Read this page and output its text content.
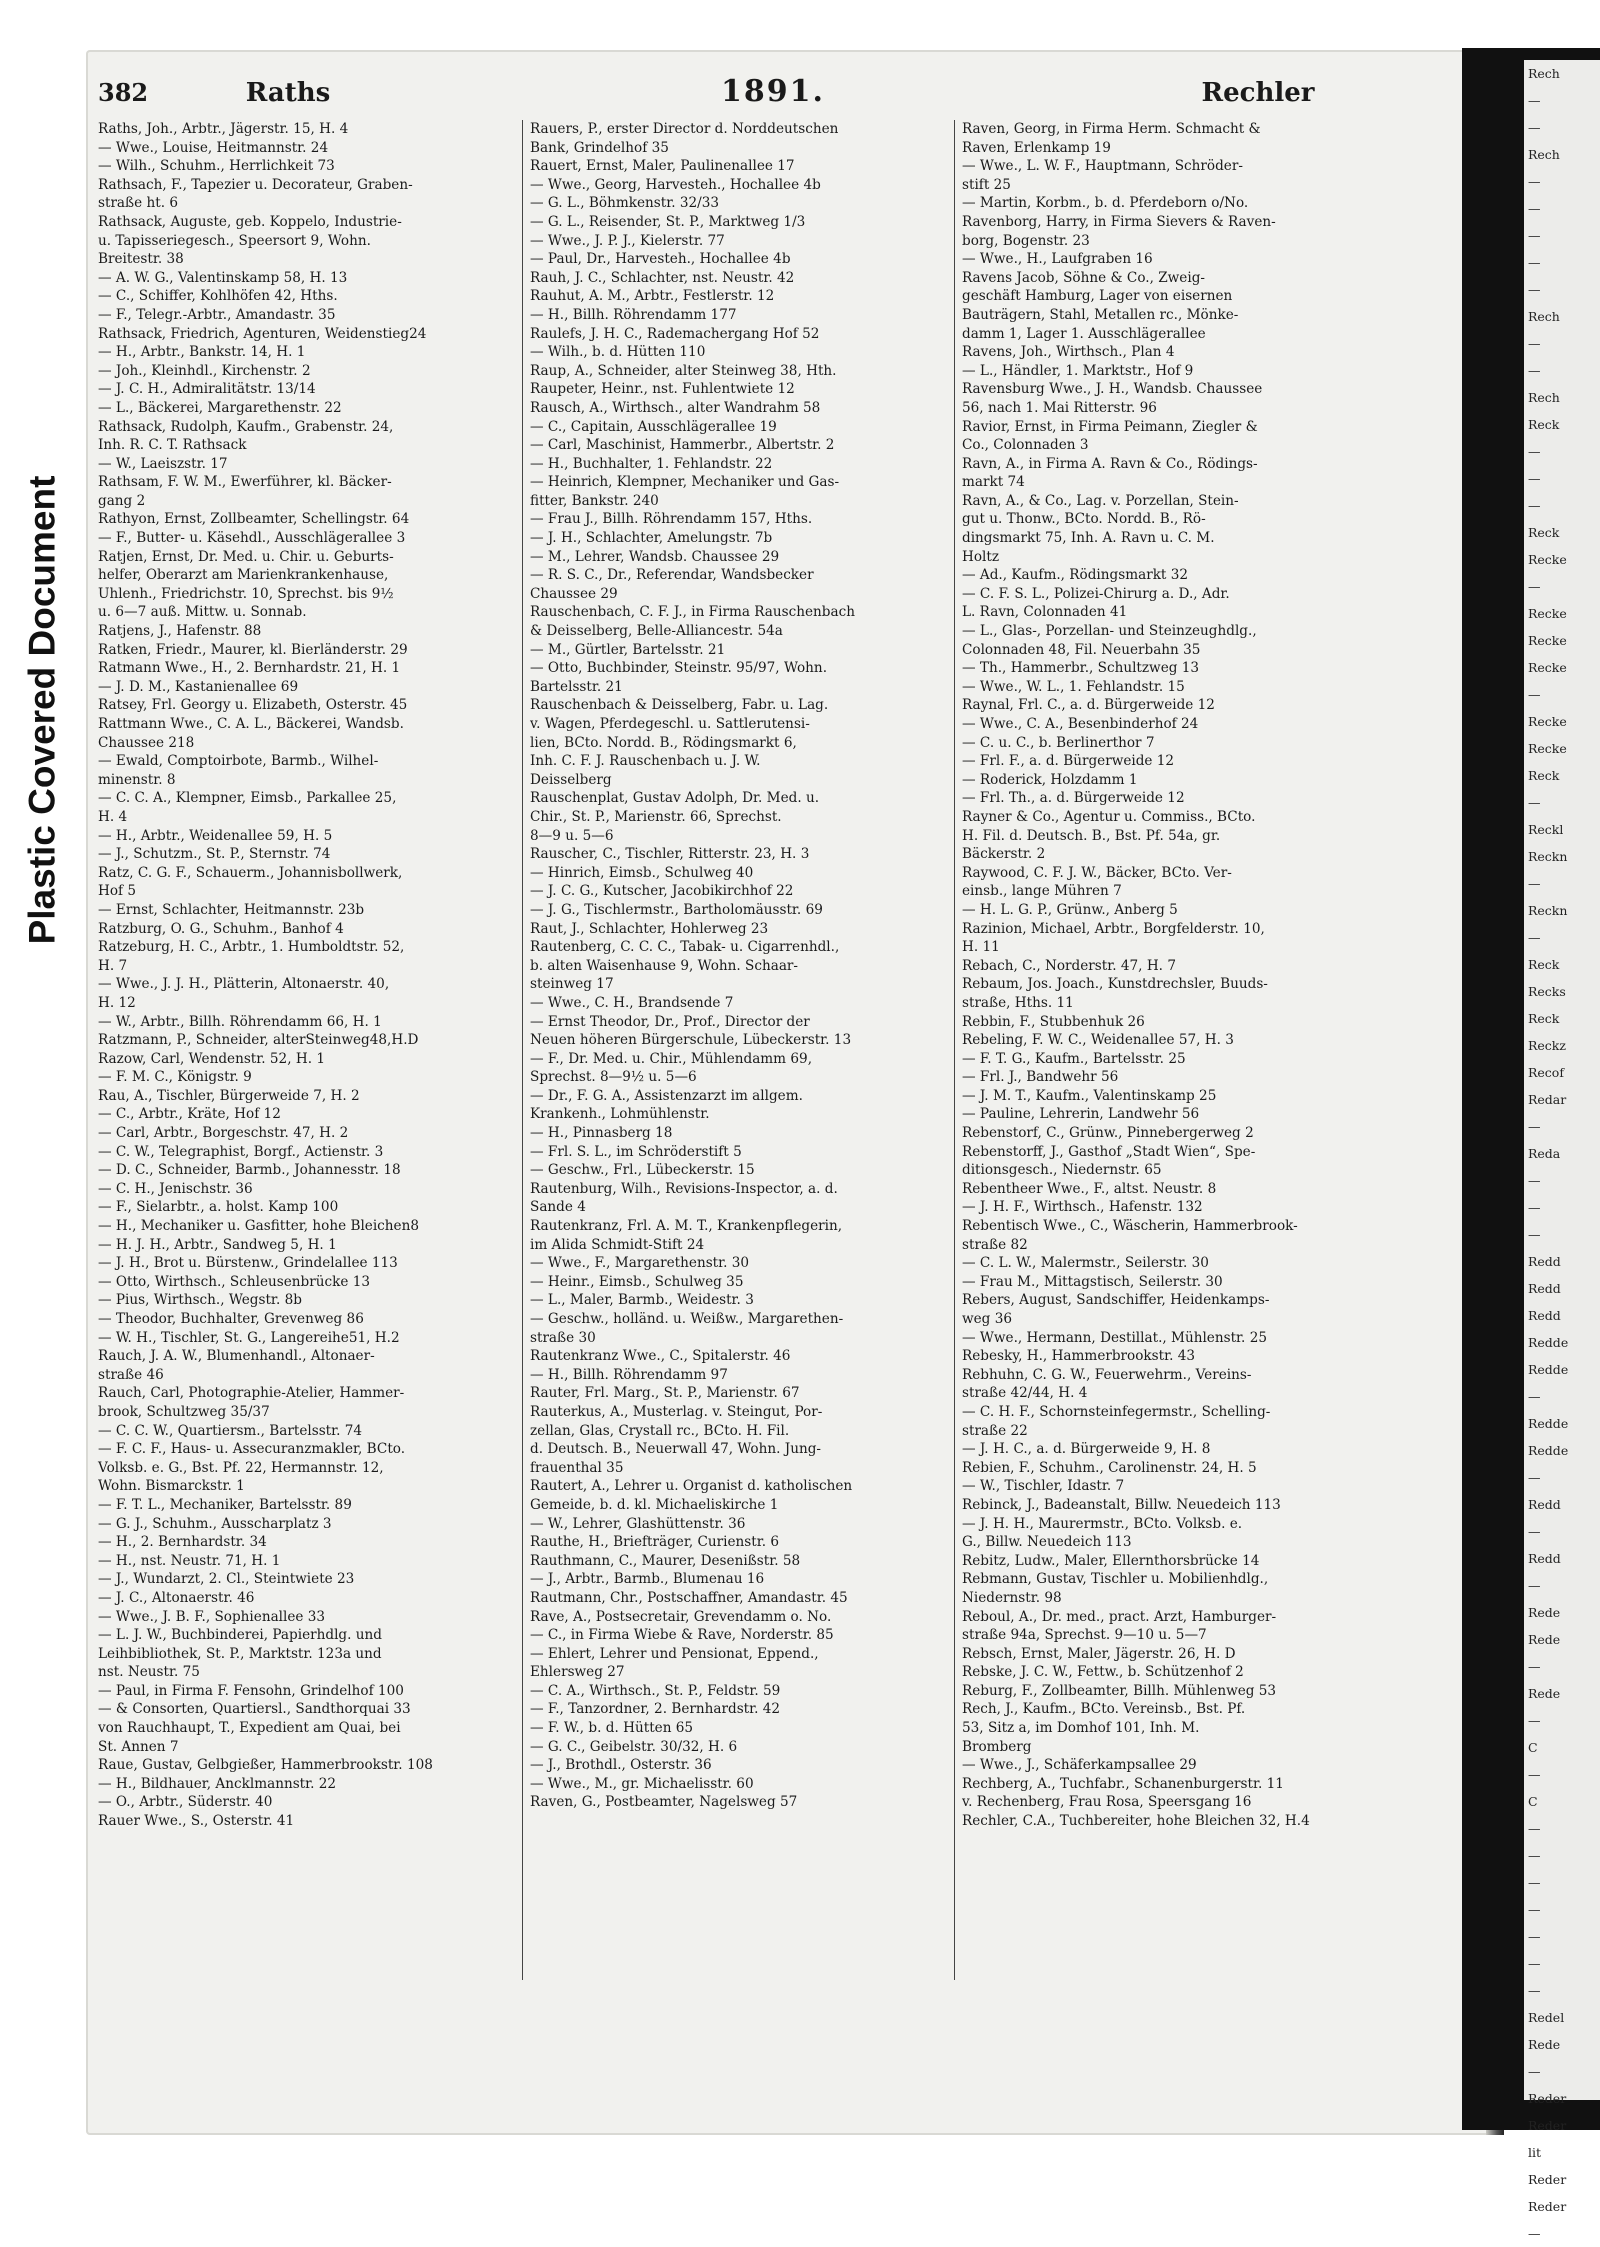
Plastic Covered Document
Rech
—
—
Rech
—
—
—
—
—
Rech
—
—
Rech
Reck
—
—
—
Reck
Recke
—
Recke
Recke
Recke
—
Recke
Recke
Reck
—
Reckl
Reckn
—
Reckn
—
Reck
Recks
Reck
Reckz
Recof
Redar
—
Reda
—
—
—
Redd
Redd
Redd
Redde
Redde
—
Redde
Redde
—
Redd
—
Redd
—
Rede
Rede
—
Rede
—
C
—
C
—
—
—
—
—
—
—
Redel
Rede
—
Reder
Reder
lit
Reder
Reder
—
382	Raths	1891.	Rechler
Raths, Joh., Arbtr., Jägerstr. 15, H. 4
— Wwe., Louise, Heitmannstr. 24
— Wilh., Schuhm., Herrlichkeit 73
Rathsach, F., Tapezier u. Decorateur, Graben-
straße ht. 6
Rathsack, Auguste, geb. Koppelo, Industrie-
u. Tapisseriegesch., Speersort 9, Wohn.
Breitestr. 38
— A. W. G., Valentinskamp 58, H. 13
— C., Schiffer, Kohlhöfen 42, Hths.
— F., Telegr.-Arbtr., Amandastr. 35
Rathsack, Friedrich, Agenturen, Weidenstieg24
— H., Arbtr., Bankstr. 14, H. 1
— Joh., Kleinhdl., Kirchenstr. 2
— J. C. H., Admiralitätstr. 13/14
— L., Bäckerei, Margarethenstr. 22
Rathsack, Rudolph, Kaufm., Grabenstr. 24,
Inh. R. C. T. Rathsack
— W., Laeiszstr. 17
Rathsam, F. W. M., Ewerführer, kl. Bäcker-
gang 2
Rathyon, Ernst, Zollbeamter, Schellingstr. 64
— F., Butter- u. Käsehdl., Ausschlägerallee 3
Ratjen, Ernst, Dr. Med. u. Chir. u. Geburts-
helfer, Oberarzt am Marienkrankenhause,
Uhlenh., Friedrichstr. 10, Sprechst. bis 9½
u. 6—7 auß. Mittw. u. Sonnab.
Ratjens, J., Hafenstr. 88
Ratken, Friedr., Maurer, kl. Bierländerstr. 29
Ratmann Wwe., H., 2. Bernhardstr. 21, H. 1
— J. D. M., Kastanienallee 69
Ratsey, Frl. Georgy u. Elizabeth, Osterstr. 45
Rattmann Wwe., C. A. L., Bäckerei, Wandsb.
Chaussee 218
— Ewald, Comptoirbote, Barmb., Wilhel-
minenstr. 8
— C. C. A., Klempner, Eimsb., Parkallee 25,
H. 4
— H., Arbtr., Weidenallee 59, H. 5
— J., Schutzm., St. P., Sternstr. 74
Ratz, C. G. F., Schauerm., Johannisbollwerk,
Hof 5
— Ernst, Schlachter, Heitmannstr. 23b
Ratzburg, O. G., Schuhm., Banhof 4
Ratzeburg, H. C., Arbtr., 1. Humboldtstr. 52,
H. 7
— Wwe., J. J. H., Plätterin, Altonaerstr. 40,
H. 12
— W., Arbtr., Billh. Röhrendamm 66, H. 1
Ratzmann, P., Schneider, alterSteinweg48,H.D
Razow, Carl, Wendenstr. 52, H. 1
— F. M. C., Königstr. 9
Rau, A., Tischler, Bürgerweide 7, H. 2
— C., Arbtr., Kräte, Hof 12
— Carl, Arbtr., Borgeschstr. 47, H. 2
— C. W., Telegraphist, Borgf., Actienstr. 3
— D. C., Schneider, Barmb., Johannesstr. 18
— C. H., Jenischstr. 36
— F., Sielarbtr., a. holst. Kamp 100
— H., Mechaniker u. Gasfitter, hohe Bleichen8
— H. J. H., Arbtr., Sandweg 5, H. 1
— J. H., Brot u. Bürstenw., Grindelallee 113
— Otto, Wirthsch., Schleusenbrücke 13
— Pius, Wirthsch., Wegstr. 8b
— Theodor, Buchhalter, Grevenweg 86
— W. H., Tischler, St. G., Langereihe51, H.2
Rauch, J. A. W., Blumenhandl., Altonaer-
straße 46
Rauch, Carl, Photographie-Atelier, Hammer-
brook, Schultzweg 35/37
— C. C. W., Quartiersm., Bartelsstr. 74
— F. C. F., Haus- u. Assecuranzmakler, BCto.
Volksb. e. G., Bst. Pf. 22, Hermannstr. 12,
Wohn. Bismarckstr. 1
— F. T. L., Mechaniker, Bartelsstr. 89
— G. J., Schuhm., Ausscharplatz 3
— H., 2. Bernhardstr. 34
— H., nst. Neustr. 71, H. 1
— J., Wundarzt, 2. Cl., Steintwiete 23
— J. C., Altonaerstr. 46
— Wwe., J. B. F., Sophienallee 33
— L. J. W., Buchbinderei, Papierhdlg. und
Leihbibliothek, St. P., Marktstr. 123a und
nst. Neustr. 75
— Paul, in Firma F. Fensohn, Grindelhof 100
— & Consorten, Quartiersl., Sandthorquai 33
von Rauchhaupt, T., Expedient am Quai, bei
St. Annen 7
Raue, Gustav, Gelbgießer, Hammerbrookstr. 108
— H., Bildhauer, Ancklmannstr. 22
— O., Arbtr., Süderstr. 40
Rauer Wwe., S., Osterstr. 41
Rauers, P., erster Director d. Norddeutschen
Bank, Grindelhof 35
Rauert, Ernst, Maler, Paulinenallee 17
— Wwe., Georg, Harvesteh., Hochallee 4b
— G. L., Böhmkenstr. 32/33
— G. L., Reisender, St. P., Marktweg 1/3
— Wwe., J. P. J., Kielerstr. 77
— Paul, Dr., Harvesteh., Hochallee 4b
Rauh, J. C., Schlachter, nst. Neustr. 42
Rauhut, A. M., Arbtr., Festlerstr. 12
— H., Billh. Röhrendamm 177
Raulefs, J. H. C., Rademachergang Hof 52
— Wilh., b. d. Hütten 110
Raup, A., Schneider, alter Steinweg 38, Hth.
Raupeter, Heinr., nst. Fuhlentwiete 12
Rausch, A., Wirthsch., alter Wandrahm 58
— C., Capitain, Ausschlägerallee 19
— Carl, Maschinist, Hammerbr., Albertstr. 2
— H., Buchhalter, 1. Fehlandstr. 22
— Heinrich, Klempner, Mechaniker und Gas-
fitter, Bankstr. 240
— Frau J., Billh. Röhrendamm 157, Hths.
— J. H., Schlachter, Amelungstr. 7b
— M., Lehrer, Wandsb. Chaussee 29
— R. S. C., Dr., Referendar, Wandsbecker
Chaussee 29
Rauschenbach, C. F. J., in Firma Rauschenbach
& Deisselberg, Belle-Alliancestr. 54a
— M., Gürtler, Bartelsstr. 21
— Otto, Buchbinder, Steinstr. 95/97, Wohn.
Bartelsstr. 21
Rauschenbach & Deisselberg, Fabr. u. Lag.
v. Wagen, Pferdegeschl. u. Sattlerutensi-
lien, BCto. Nordd. B., Rödingsmarkt 6,
Inh. C. F. J. Rauschenbach u. J. W.
Deisselberg
Rauschenplat, Gustav Adolph, Dr. Med. u.
Chir., St. P., Marienstr. 66, Sprechst.
8—9 u. 5—6
Rauscher, C., Tischler, Ritterstr. 23, H. 3
— Hinrich, Eimsb., Schulweg 40
— J. C. G., Kutscher, Jacobikirchhof 22
— J. G., Tischlermstr., Bartholomäusstr. 69
Raut, J., Schlachter, Hohlerweg 23
Rautenberg, C. C. C., Tabak- u. Cigarrenhdl.,
b. alten Waisenhause 9, Wohn. Schaar-
steinweg 17
— Wwe., C. H., Brandsende 7
— Ernst Theodor, Dr., Prof., Director der
Neuen höheren Bürgerschule, Lübeckerstr. 13
— F., Dr. Med. u. Chir., Mühlendamm 69,
Sprechst. 8—9½ u. 5—6
— Dr., F. G. A., Assistenzarzt im allgem.
Krankenh., Lohmühlenstr.
— H., Pinnasberg 18
— Frl. S. L., im Schröderstift 5
— Geschw., Frl., Lübeckerstr. 15
Rautenburg, Wilh., Revisions-Inspector, a. d.
Sande 4
Rautenkranz, Frl. A. M. T., Krankenpflegerin,
im Alida Schmidt-Stift 24
— Wwe., F., Margarethenstr. 30
— Heinr., Eimsb., Schulweg 35
— L., Maler, Barmb., Weidestr. 3
— Geschw., holländ. u. Weißw., Margarethen-
straße 30
Rautenkranz Wwe., C., Spitalerstr. 46
— H., Billh. Röhrendamm 97
Rauter, Frl. Marg., St. P., Marienstr. 67
Rauterkus, A., Musterlag. v. Steingut, Por-
zellan, Glas, Crystall rc., BCto. H. Fil.
d. Deutsch. B., Neuerwall 47, Wohn. Jung-
frauenthal 35
Rautert, A., Lehrer u. Organist d. katholischen
Gemeide, b. d. kl. Michaeliskirche 1
— W., Lehrer, Glashüttenstr. 36
Rauthe, H., Briefträger, Curienstr. 6
Rauthmann, C., Maurer, Desenißstr. 58
— J., Arbtr., Barmb., Blumenau 16
Rautmann, Chr., Postschaffner, Amandastr. 45
Rave, A., Postsecretair, Grevendamm o. No.
— C., in Firma Wiebe & Rave, Norderstr. 85
— Ehlert, Lehrer und Pensionat, Eppend.,
Ehlersweg 27
— C. A., Wirthsch., St. P., Feldstr. 59
— F., Tanzordner, 2. Bernhardstr. 42
— F. W., b. d. Hütten 65
— G. C., Geibelstr. 30/32, H. 6
— J., Brothdl., Osterstr. 36
— Wwe., M., gr. Michaelisstr. 60
Raven, G., Postbeamter, Nagelsweg 57
Raven, Georg, in Firma Herm. Schmacht &
Raven, Erlenkamp 19
— Wwe., L. W. F., Hauptmann, Schröder-
stift 25
— Martin, Korbm., b. d. Pferdeborn o/No.
Ravenborg, Harry, in Firma Sievers & Raven-
borg, Bogenstr. 23
— Wwe., H., Laufgraben 16
Ravens Jacob, Söhne & Co., Zweig-
geschäft Hamburg, Lager von eisernen
Bauträgern, Stahl, Metallen rc., Mönke-
damm 1, Lager 1. Ausschlägerallee
Ravens, Joh., Wirthsch., Plan 4
— L., Händler, 1. Marktstr., Hof 9
Ravensburg Wwe., J. H., Wandsb. Chaussee
56, nach 1. Mai Ritterstr. 96
Ravior, Ernst, in Firma Peimann, Ziegler &
Co., Colonnaden 3
Ravn, A., in Firma A. Ravn & Co., Rödings-
markt 74
Ravn, A., & Co., Lag. v. Porzellan, Stein-
gut u. Thonw., BCto. Nordd. B., Rö-
dingsmarkt 75, Inh. A. Ravn u. C. M.
Holtz
— Ad., Kaufm., Rödingsmarkt 32
— C. F. S. L., Polizei-Chirurg a. D., Adr.
L. Ravn, Colonnaden 41
— L., Glas-, Porzellan- und Steinzeughdlg.,
Colonnaden 48, Fil. Neuerbahn 35
— Th., Hammerbr., Schultzweg 13
— Wwe., W. L., 1. Fehlandstr. 15
Raynal, Frl. C., a. d. Bürgerweide 12
— Wwe., C. A., Besenbinderhof 24
— C. u. C., b. Berlinerthor 7
— Frl. F., a. d. Bürgerweide 12
— Roderick, Holzdamm 1
— Frl. Th., a. d. Bürgerweide 12
Rayner & Co., Agentur u. Commiss., BCto.
H. Fil. d. Deutsch. B., Bst. Pf. 54a, gr.
Bäckerstr. 2
Raywood, C. F. J. W., Bäcker, BCto. Ver-
einsb., lange Mühren 7
— H. L. G. P., Grünw., Anberg 5
Razinion, Michael, Arbtr., Borgfelderstr. 10,
H. 11
Rebach, C., Norderstr. 47, H. 7
Rebaum, Jos. Joach., Kunstdrechsler, Buuds-
straße, Hths. 11
Rebbin, F., Stubbenhuk 26
Rebeling, F. W. C., Weidenallee 57, H. 3
— F. T. G., Kaufm., Bartelsstr. 25
— Frl. J., Bandwehr 56
— J. M. T., Kaufm., Valentinskamp 25
— Pauline, Lehrerin, Landwehr 56
Rebenstorf, C., Grünw., Pinnebergerweg 2
Rebenstorff, J., Gasthof „Stadt Wien“, Spe-
ditionsgesch., Niedernstr. 65
Rebentheer Wwe., F., altst. Neustr. 8
— J. H. F., Wirthsch., Hafenstr. 132
Rebentisch Wwe., C., Wäscherin, Hammerbrook-
straße 82
— C. L. W., Malermstr., Seilerstr. 30
— Frau M., Mittagstisch, Seilerstr. 30
Rebers, August, Sandschiffer, Heidenkamps-
weg 36
— Wwe., Hermann, Destillat., Mühlenstr. 25
Rebesky, H., Hammerbrookstr. 43
Rebhuhn, C. G. W., Feuerwehrm., Vereins-
straße 42/44, H. 4
— C. H. F., Schornsteinfegermstr., Schelling-
straße 22
— J. H. C., a. d. Bürgerweide 9, H. 8
Rebien, F., Schuhm., Carolinenstr. 24, H. 5
— W., Tischler, Idastr. 7
Rebinck, J., Badeanstalt, Billw. Neuedeich 113
— J. H. H., Maurermstr., BCto. Volksb. e.
G., Billw. Neuedeich 113
Rebitz, Ludw., Maler, Ellernthorsbrücke 14
Rebmann, Gustav, Tischler u. Mobilienhdlg.,
Niedernstr. 98
Reboul, A., Dr. med., pract. Arzt, Hamburger-
straße 94a, Sprechst. 9—10 u. 5—7
Rebsch, Ernst, Maler, Jägerstr. 26, H. D
Rebske, J. C. W., Fettw., b. Schützenhof 2
Reburg, F., Zollbeamter, Billh. Mühlenweg 53
Rech, J., Kaufm., BCto. Vereinsb., Bst. Pf.
53, Sitz a, im Domhof 101, Inh. M.
Bromberg
— Wwe., J., Schäferkampsallee 29
Rechberg, A., Tuchfabr., Schanenburgerstr. 11
v. Rechenberg, Frau Rosa, Speersgang 16
Rechler, C.A., Tuchbereiter, hohe Bleichen 32, H.4
